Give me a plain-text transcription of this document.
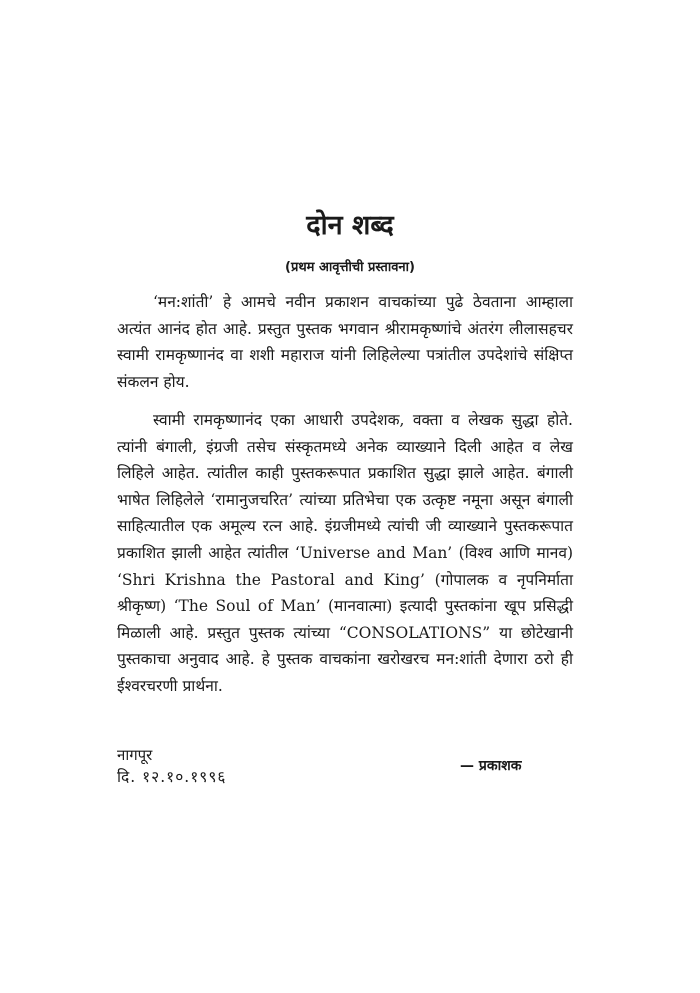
दोन शब्द

(प्रथम आवृत्तीची प्रस्तावना)

‘मन:शांती’ हे आमचे नवीन प्रकाशन वाचकांच्या पुढे ठेवताना आम्हाला अत्यंत आनंद होत आहे. प्रस्तुत पुस्तक भगवान श्रीरामकृष्णांचे अंतरंग लीलासहचर स्वामी रामकृष्णानंद वा शशी महाराज यांनी लिहिलेल्या पत्रांतील उपदेशांचे संक्षिप्त संकलन होय.

स्वामी रामकृष्णानंद एका आधारी उपदेशक, वक्ता व लेखक सुद्धा होते. त्यांनी बंगाली, इंग्रजी तसेच संस्कृतमध्ये अनेक व्याख्याने दिली आहेत व लेख लिहिले आहेत. त्यांतील काही पुस्तकरूपात प्रकाशित सुद्धा झाले आहेत. बंगाली भाषेत लिहिलेले ‘रामानुजचरित’ त्यांच्या प्रतिभेचा एक उत्कृष्ट नमूना असून बंगाली साहित्यातील एक अमूल्य रत्न आहे. इंग्रजीमध्ये त्यांची जी व्याख्याने पुस्तकरूपात प्रकाशित झाली आहेत त्यांतील ‘Universe and Man’ (विश्व आणि मानव) ‘Shri Krishna the Pastoral and King’ (गोपालक व नृपनिर्माता श्रीकृष्ण) ‘The Soul of Man’ (मानवात्मा) इत्यादी पुस्तकांना खूप प्रसिद्धी मिळाली आहे. प्रस्तुत पुस्तक त्यांच्या “CONSOLATIONS” या छोटेखानी पुस्तकाचा अनुवाद आहे. हे पुस्तक वाचकांना खरोखरच मन:शांती देणारा ठरो ही ईश्वरचरणी प्रार्थना.

नागपूर

दि. १२.१०.१९९६

— प्रकाशक
